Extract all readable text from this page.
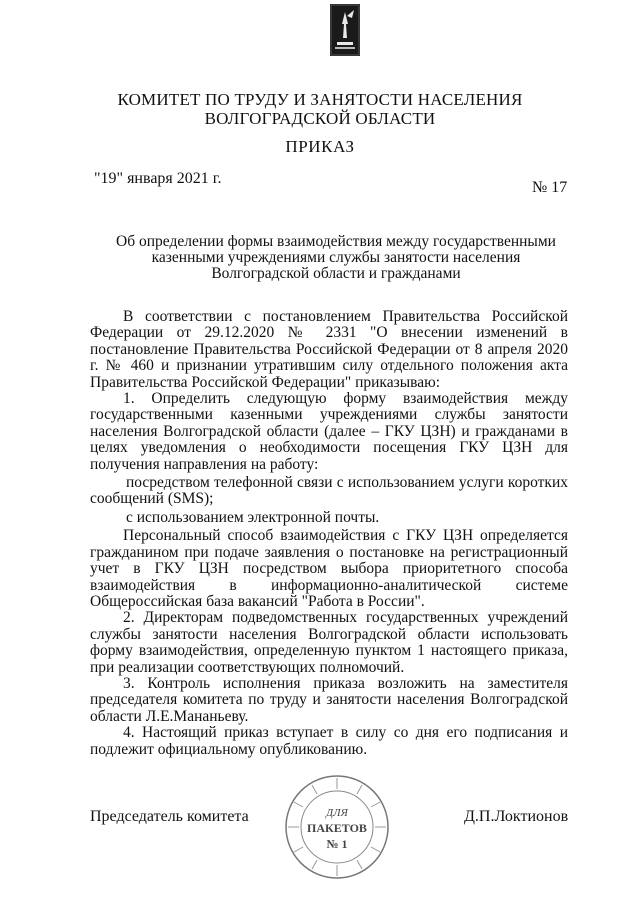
КОМИТЕТ ПО ТРУДУ И ЗАНЯТОСТИ НАСЕЛЕНИЯ
ВОЛГОГРАДСКОЙ ОБЛАСТИ
ПРИКАЗ
"19" января 2021 г.
№ 17
Об определении формы взаимодействия между государственными казенными учреждениями службы занятости населения Волгоградской области и гражданами

В соответствии с постановлением Правительства Российской Федерации от 29.12.2020 № 2331 "О внесении изменений в постановление Правительства Российской Федерации от 8 апреля 2020 г. № 460 и признании утратившим силу отдельного положения акта Правительства Российской Федерации" приказываю:

1. Определить следующую форму взаимодействия между государственными казенными учреждениями службы занятости населения Волгоградской области (далее – ГКУ ЦЗН) и гражданами в целях уведомления о необходимости посещения ГКУ ЦЗН для получения направления на работу:

посредством телефонной связи с использованием услуги коротких сообщений (SMS);

с использованием электронной почты.

Персональный способ взаимодействия с ГКУ ЦЗН определяется гражданином при подаче заявления о постановке на регистрационный учет в ГКУ ЦЗН посредством выбора приоритетного способа взаимодействия в информационно-аналитической системе Общероссийская база вакансий "Работа в России".

2. Директорам подведомственных государственных учреждений службы занятости населения Волгоградской области использовать форму взаимодействия, определенную пунктом 1 настоящего приказа, при реализации соответствующих полномочий.

3. Контроль исполнения приказа возложить на заместителя председателя комитета по труду и занятости населения Волгоградской области Л.Е.Мананьеву.

4. Настоящий приказ вступает в силу со дня его подписания и подлежит официальному опубликованию.

Председатель комитета	Д.П.Локтионов
ДЛЯ
ПАКЕТОВ
№ 1
